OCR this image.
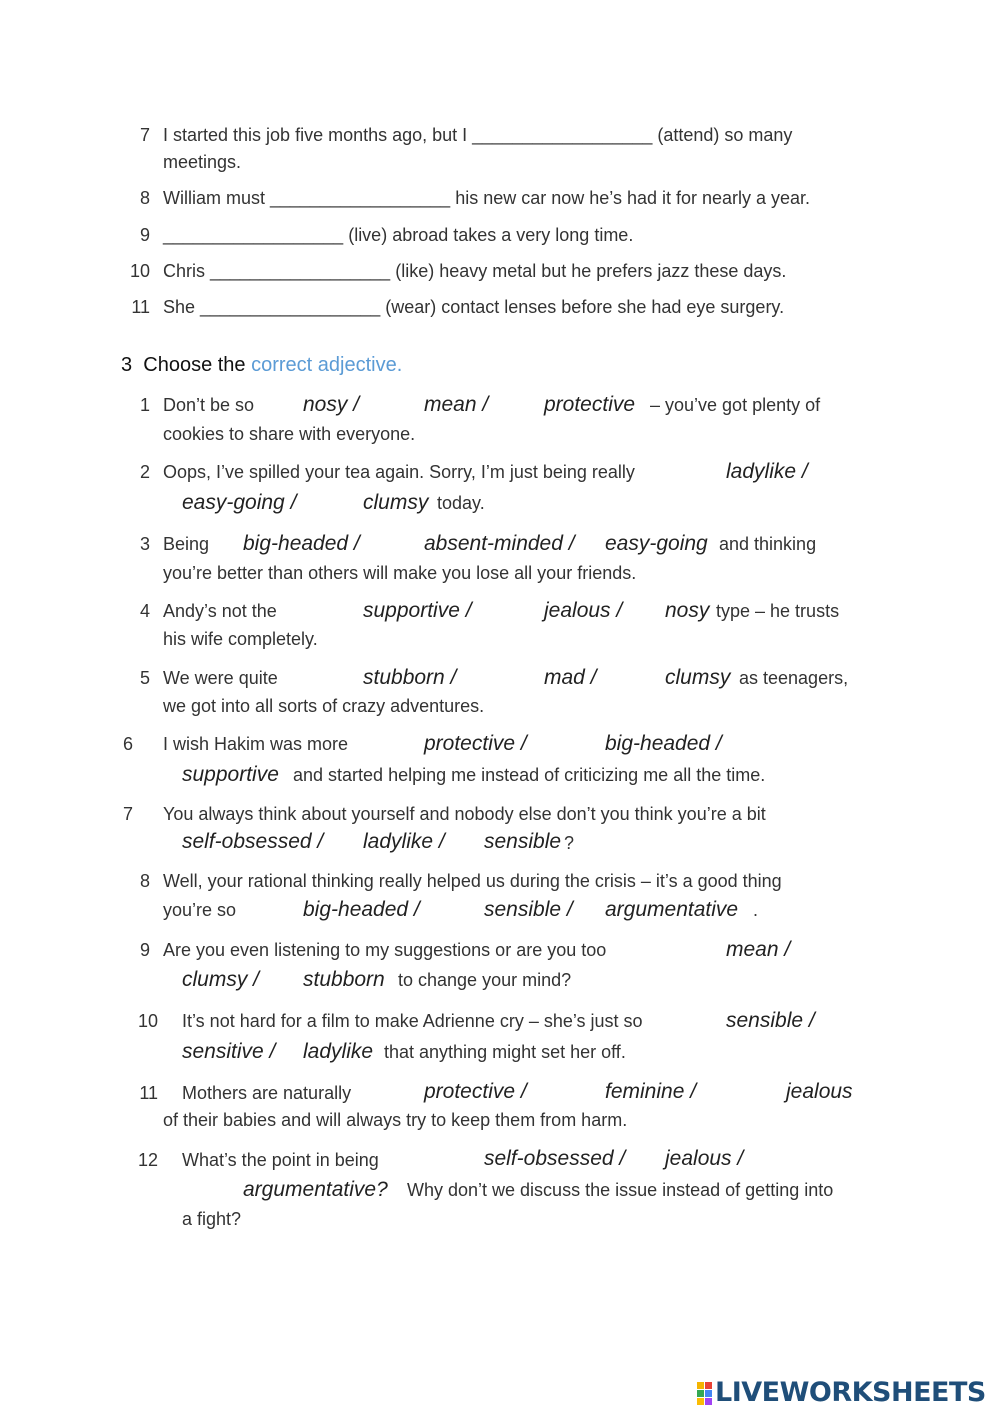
7 I started this job five months ago, but I __________________ (attend) so many
meetings.
8 William must __________________ his new car now he’s had it for nearly a year.
9 __________________ (live) abroad takes a very long time.
10 Chris __________________ (like) heavy metal but he prefers jazz these days.
11 She __________________ (wear) contact lenses before she had eye surgery.
3 Choose the correct adjective.
1 Don’t be so nosy /	mean /	protective – you’ve got plenty of
cookies to share with everyone.
2 Oops, I’ve spilled your tea again. Sorry, I’m just being really	ladylike /
easy-going /	clumsy today.
3 Being big-headed /	absent-minded / easy-going and thinking
you’re better than others will make you lose all your friends.
4 Andy’s not the	supportive /	jealous / nosy type – he trusts
his wife completely.
5 We were quite	stubborn /	mad /	clumsy as teenagers,
we got into all sorts of crazy adventures.
6 I wish Hakim was more	protective /	big-headed /
supportive and started helping me instead of criticizing me all the time.
7 You always think about yourself and nobody else don’t you think you’re a bit
self-obsessed / ladylike / sensible ?
8 Well, your rational thinking really helped us during the crisis – it’s a good thing
you’re so	big-headed /	sensible / argumentative .
9 Are you even listening to my suggestions or are you too	mean /
clumsy / stubborn to change your mind?
10 It’s not hard for a film to make Adrienne cry – she’s just so	sensible /
sensitive / ladylike that anything might set her off.
11 Mothers are naturally	protective /	feminine /	jealous
of their babies and will always try to keep them from harm.
12 What’s the point in being	self-obsessed / jealous /
argumentative? Why don’t we discuss the issue instead of getting into
a fight?
LIVEWORKSHEETS
